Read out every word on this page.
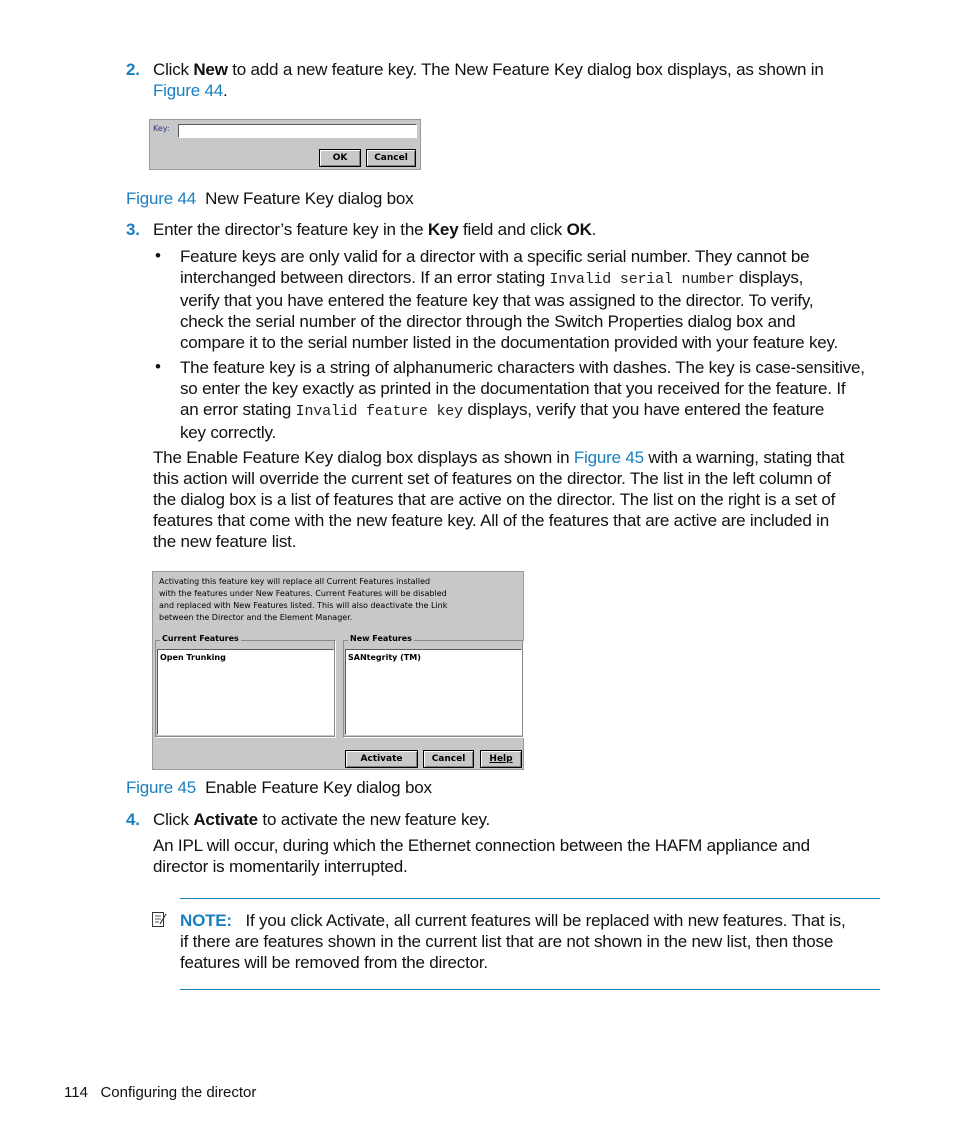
2. Click New to add a new feature key. The New Feature Key dialog box displays, as shown in
Figure 44.
Key:
OK	Cancel
Figure 44 New Feature Key dialog box
3. Enter the director’s feature key in the Key field and click OK.
• Feature keys are only valid for a director with a specific serial number. They cannot be
interchanged between directors. If an error stating Invalid serial number displays,
verify that you have entered the feature key that was assigned to the director. To verify,
check the serial number of the director through the Switch Properties dialog box and
compare it to the serial number listed in the documentation provided with your feature key.
• The feature key is a string of alphanumeric characters with dashes. The key is case-sensitive,
so enter the key exactly as printed in the documentation that you received for the feature. If
an error stating Invalid feature key displays, verify that you have entered the feature
key correctly.
The Enable Feature Key dialog box displays as shown in Figure 45 with a warning, stating that
this action will override the current set of features on the director. The list in the left column of
the dialog box is a list of features that are active on the director. The list on the right is a set of
features that come with the new feature key. All of the features that are active are included in
the new feature list.
Activating this feature key will replace all Current Features installed
with the features under New Features. Current Features will be disabled
and replaced with New Features listed. This will also deactivate the Link
between the Director and the Element Manager.
Current Features
Open Trunking
New Features
SANtegrity (TM)
Activate	Cancel	Help
Figure 45 Enable Feature Key dialog box
4. Click Activate to activate the new feature key.
An IPL will occur, during which the Ethernet connection between the HAFM appliance and
director is momentarily interrupted.
NOTE: If you click Activate, all current features will be replaced with new features. That is,
if there are features shown in the current list that are not shown in the new list, then those
features will be removed from the director.
114 Configuring the director
